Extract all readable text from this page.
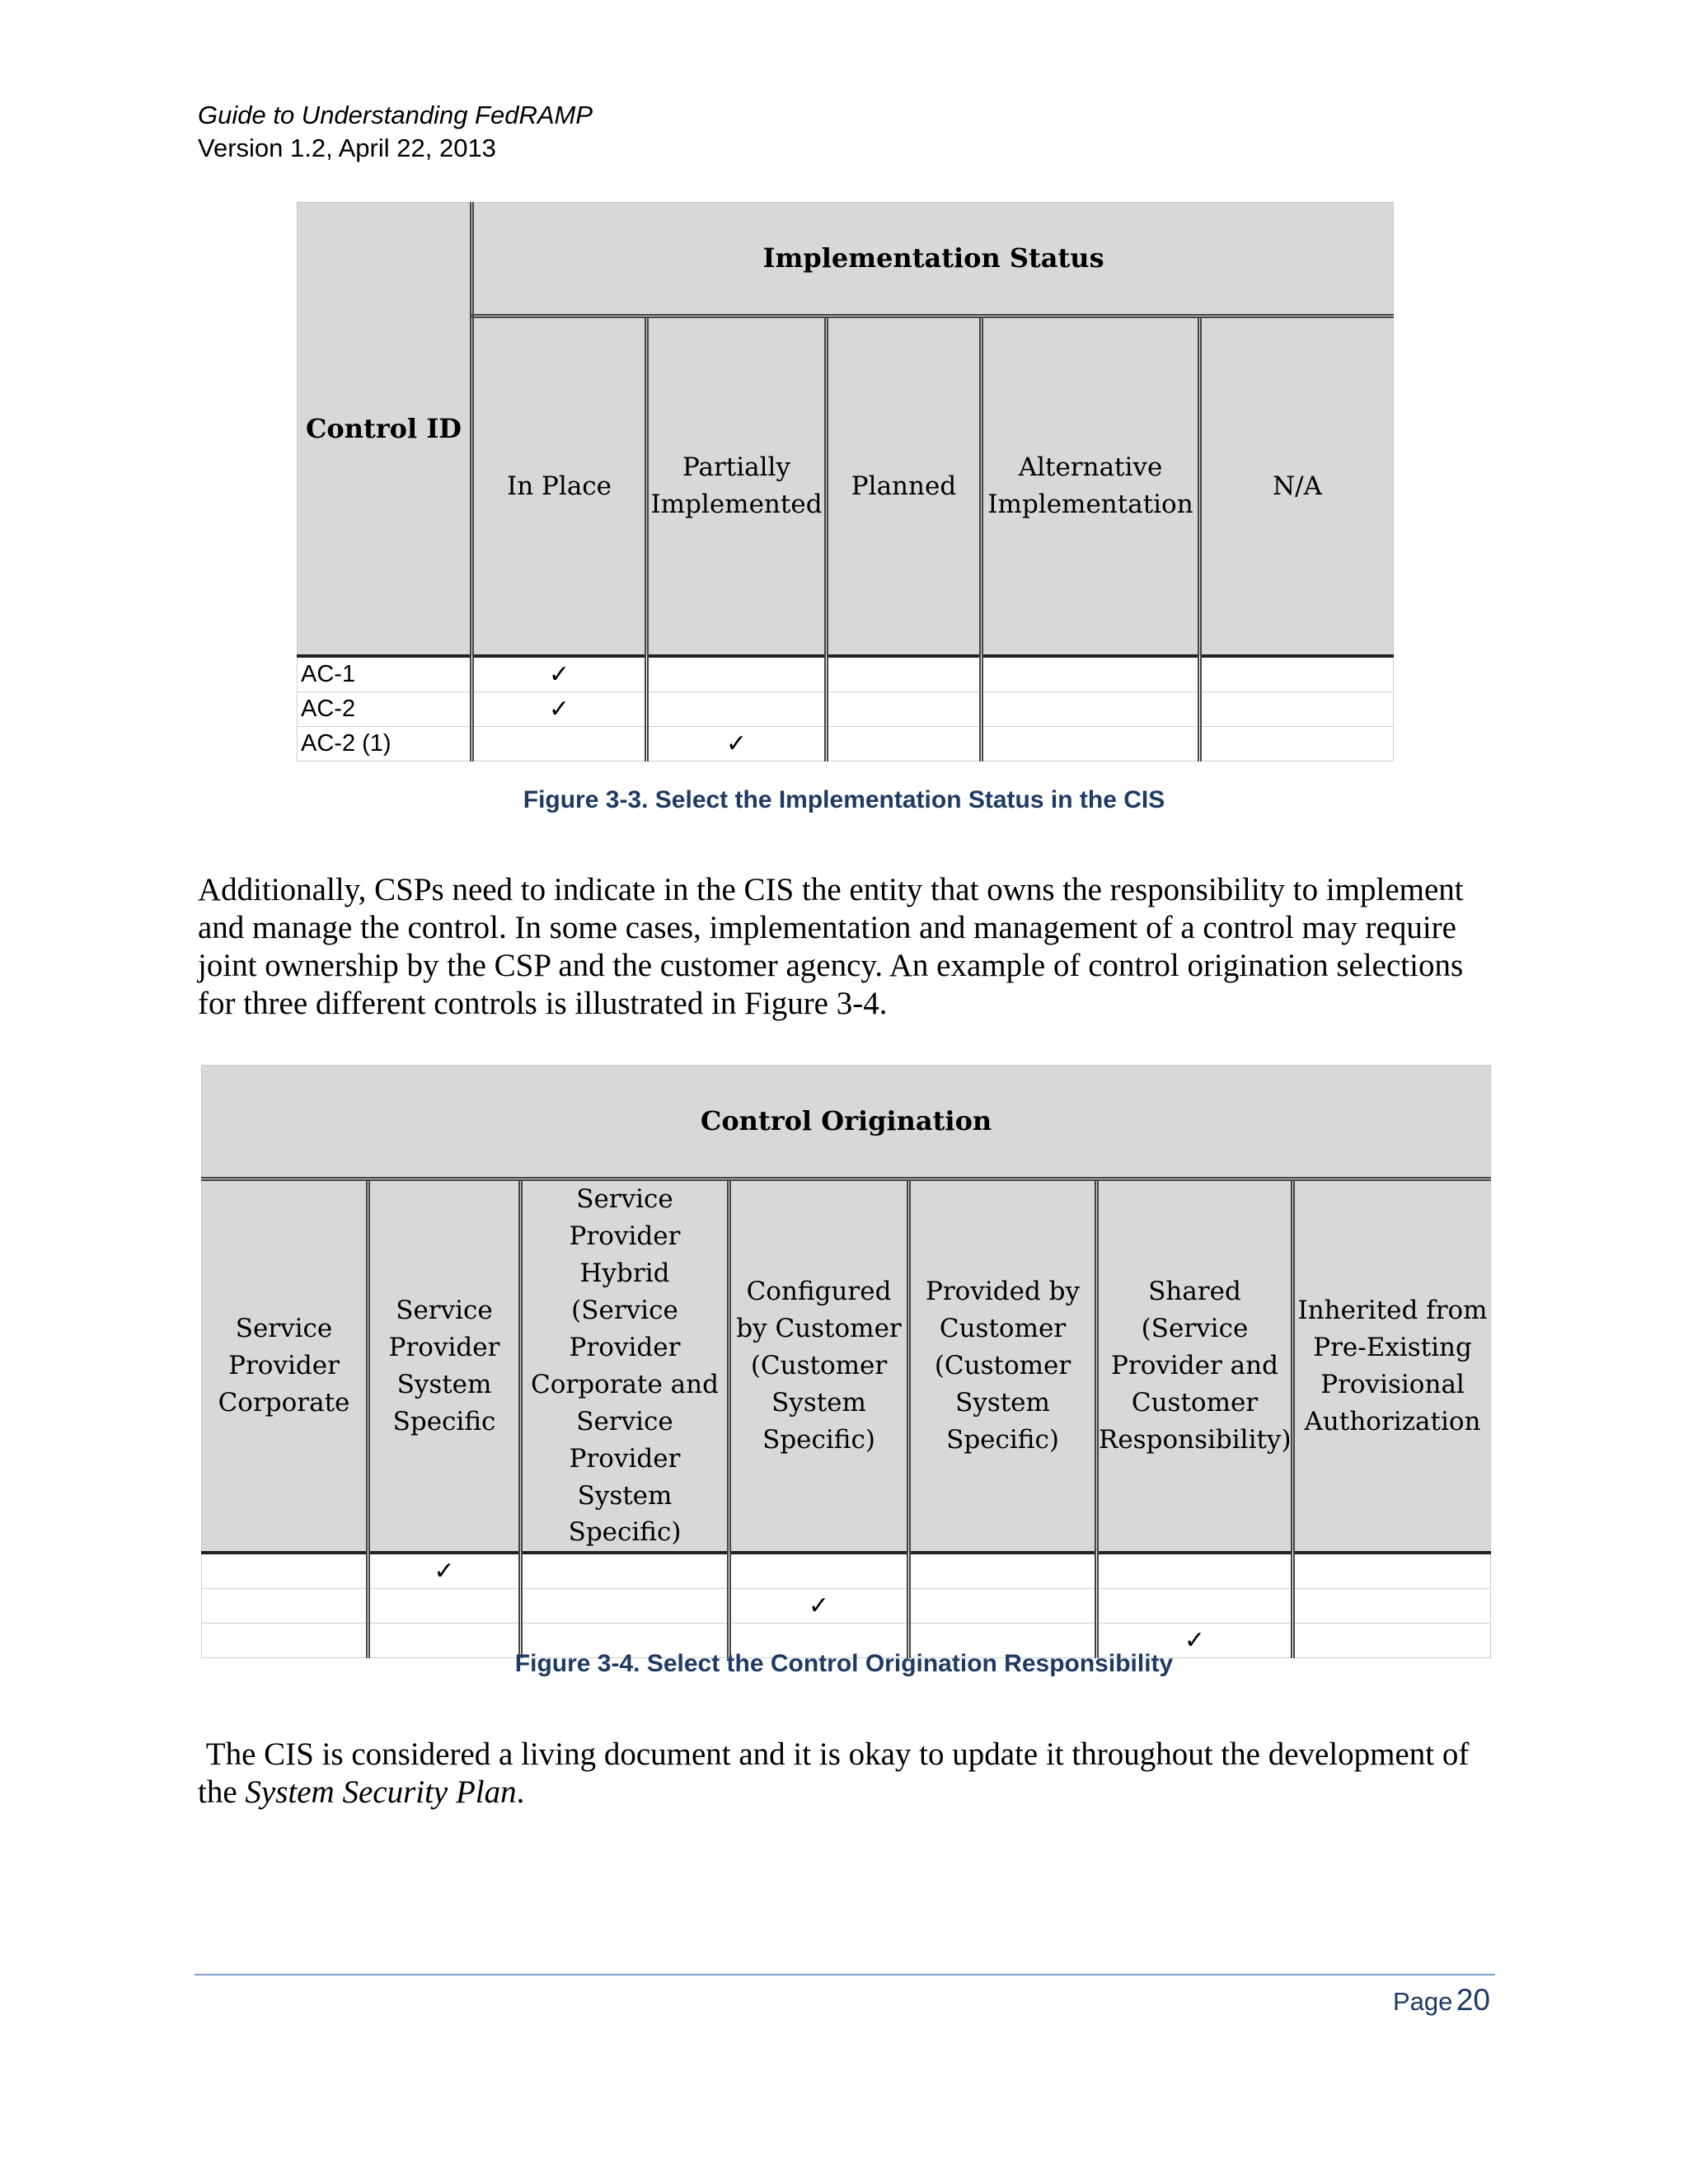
Guide to Understanding FedRAMP
Version 1.2, April 22, 2013
Control ID	Implementation Status				
	In Place	Partially Implemented	Planned	Alternative Implementation	N/A
AC-1	✓				
AC-2	✓				
AC-2 (1)		✓			
Figure 3-3. Select the Implementation Status in the CIS

Additionally, CSPs need to indicate in the CIS the entity that owns the responsibility to implement and manage the control. In some cases, implementation and management of a control may require joint ownership by the CSP and the customer agency. An example of control origination selections for three different controls is illustrated in Figure 3-4.

Control Origination						
Service Provider Corporate	Service Provider System Specific	Service Provider Hybrid (Service Provider Corporate and Service Provider System Specific)	Configured by Customer (Customer System Specific)	Provided by Customer (Customer System Specific)	Shared (Service Provider and Customer Responsibility)	Inherited from Pre-Existing Provisional Authorization
	✓					
			✓			
					✓	
Figure 3-4. Select the Control Origination Responsibility

The CIS is considered a living document and it is okay to update it throughout the development of the System Security Plan.

Page 20
